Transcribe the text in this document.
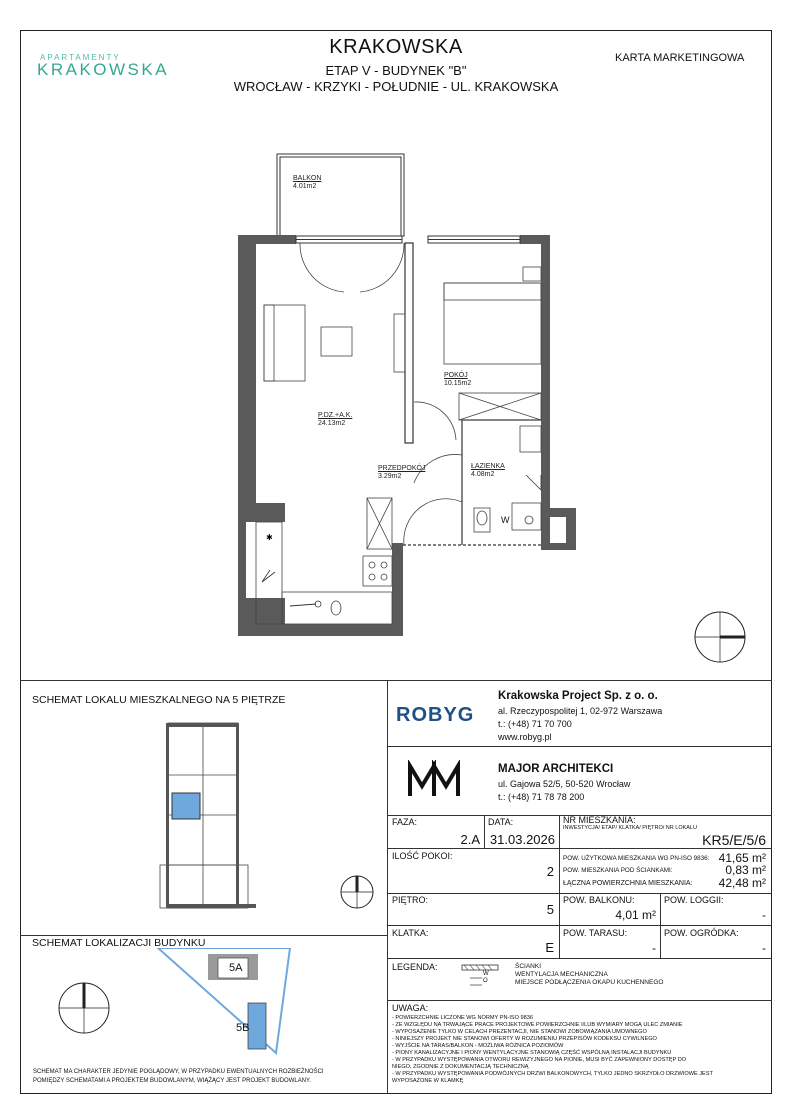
APARTAMENTY
KRAKOWSKA
KRAKOWSKA
ETAP V - BUDYNEK "B"
WROCŁAW - KRZYKI - POŁUDNIE - UL. KRAKOWSKA
KARTA MARKETINGOWA
✱
BALKON
4.01m2
POKÓJ
10.15m2
P.DZ.+A.K.
24.13m2
PRZEDPOKÓJ
3.29m2
ŁAZIENKA
4.08m2
W
SCHEMAT LOKALU MIESZKALNEGO NA 5 PIĘTRZE
SCHEMAT LOKALIZACJI BUDYNKU
5A
5B
SCHEMAT MA CHARAKTER JEDYNIE POGLĄDOWY, W PRZYPADKU EWENTUALNYCH ROZBIEŻNOŚCI
POMIĘDZY SCHEMATAMI A PROJEKTEM BUDOWLANYM, WIĄŻĄCY JEST PROJEKT BUDOWLANY.
ROBYG
Krakowska Project Sp. z o. o.
al. Rzeczypospolitej 1, 02-972 Warszawa
t.: (+48) 71 70 700
www.robyg.pl
MAJOR ARCHITEKCI
ul. Gajowa 52/5, 50-520 Wrocław
t.: (+48) 71 78 78 200
FAZA:
2.A
DATA:
31.03.2026
NR MIESZKANIA:
INWESTYCJA/ ETAP/ KLATKA/ PIĘTRO/ NR LOKALU
KR5/E/5/6
ILOŚĆ POKOI:
2
POW. UŻYTKOWA MIESZKANIA WG PN-ISO 9836: 41,65 m²
POW. MIESZKANIA POD ŚCIANKAMI:	0,83 m²
ŁĄCZNA POWIERZCHNIA MIESZKANIA:	42,48 m²
PIĘTRO:
5
POW. BALKONU:
4,01 m²
POW. LOGGII:
-
KLATKA:
E
POW. TARASU:
-
POW. OGRÓDKA:
-
LEGENDA:
W
O
ŚCIANKI
WENTYLACJA MECHANICZNA
MIEJSCE PODŁĄCZENIA OKAPU KUCHENNEGO
UWAGA:
- POWIERZCHNIE LICZONE WG NORMY PN-ISO 9836
- ZE WZGLĘDU NA TRWAJĄCE PRACE PROJEKTOWE POWIERZCHNIE I/LUB WYMIARY MOGĄ ULEC ZMIANIE
- WYPOSAŻENIE TYLKO W CELACH PREZENTACJI, NIE STANOWI ZOBOWIĄZANIA UMOWNEGO
- NINIEJSZY PROJEKT NIE STANOWI OFERTY W ROZUMIENIU PRZEPISÓW KODEKSU CYWILNEGO
- WYJŚCIE NA TARAS/BALKON - MOŻLIWA RÓŻNICA POZIOMÓW
- PIONY KANALIZACYJNE I PIONY WENTYLACYJNE STANOWIĄ CZĘŚĆ WSPÓLNĄ INSTALACJI BUDYNKU
- W PRZYPADKU WYSTĘPOWANIA OTWORU REWIZYJNEGO NA PIONIE, MUSI BYĆ ZAPEWNIONY DOSTĘP DO
NIEGO, ZGODNIE Z DOKUMENTACJĄ TECHNICZNĄ
- W PRZYPADKU WYSTĘPOWANIA PODWÓJNYCH DRZWI BALKONOWYCH, TYLKO JEDNO SKRZYDŁO DRZWIOWE JEST
WYPOSAŻONE W KLAMKĘ
